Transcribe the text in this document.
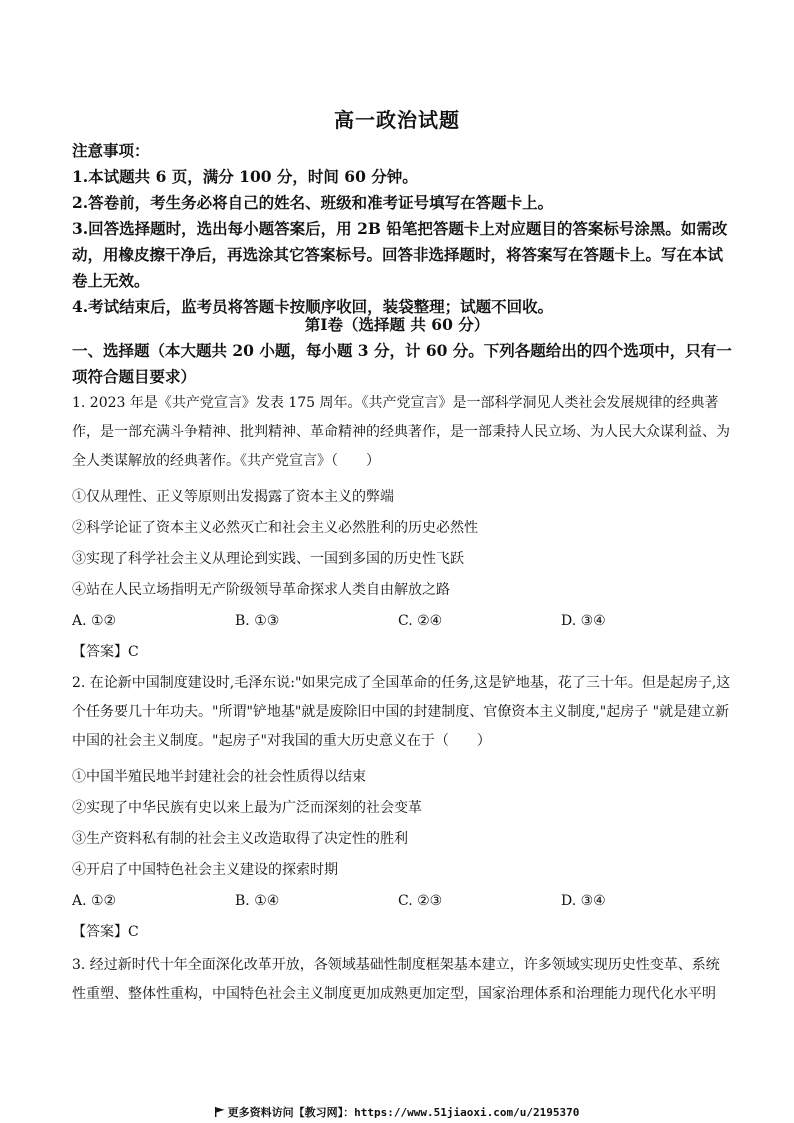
高一政治试题

注意事项：

1.本试题共 6 页，满分 100 分，时间 60 分钟。

2.答卷前，考生务必将自己的姓名、班级和准考证号填写在答题卡上。

3.回答选择题时，选出每小题答案后，用 2B 铅笔把答题卡上对应题目的答案标号涂黑。如需改动，用橡皮擦干净后，再选涂其它答案标号。回答非选择题时，将答案写在答题卡上。写在本试卷上无效。

4.考试结束后，监考员将答题卡按顺序收回，装袋整理；试题不回收。

第Ⅰ卷（选择题 共 60 分）
一、选择题（本大题共 20 小题，每小题 3 分，计 60 分。下列各题给出的四个选项中，只有一项符合题目要求）

1. 2023 年是《共产党宣言》发表 175 周年。《共产党宣言》是一部科学洞见人类社会发展规律的经典著作，是一部充满斗争精神、批判精神、革命精神的经典著作，是一部秉持人民立场、为人民大众谋利益、为全人类谋解放的经典著作。《共产党宣言》（　　）

①仅从理性、正义等原则出发揭露了资本主义的弊端

②科学论证了资本主义必然灭亡和社会主义必然胜利的历史必然性

③实现了科学社会主义从理论到实践、一国到多国的历史性飞跃

④站在人民立场指明无产阶级领导革命探求人类自由解放之路

A. ①②	B. ①③	C. ②④	D. ③④

【答案】C

2. 在论新中国制度建设时,毛泽东说:"如果完成了全国革命的任务,这是铲地基，花了三十年。但是起房子,这个任务要几十年功夫。"所谓"铲地基"就是废除旧中国的封建制度、官僚资本主义制度,"起房子 "就是建立新中国的社会主义制度。"起房子"对我国的重大历史意义在于（　　）

①中国半殖民地半封建社会的社会性质得以结束

②实现了中华民族有史以来上最为广泛而深刻的社会变革

③生产资料私有制的社会主义改造取得了决定性的胜利

④开启了中国特色社会主义建设的探索时期

A. ①②	B. ①④	C. ②③	D. ③④

【答案】C

3. 经过新时代十年全面深化改革开放，各领域基础性制度框架基本建立，许多领域实现历史性变革、系统性重塑、整体性重构，中国特色社会主义制度更加成熟更加定型，国家治理体系和治理能力现代化水平明

更多资料访问【教习网】：https://www.51jiaoxi.com/u/2195370
